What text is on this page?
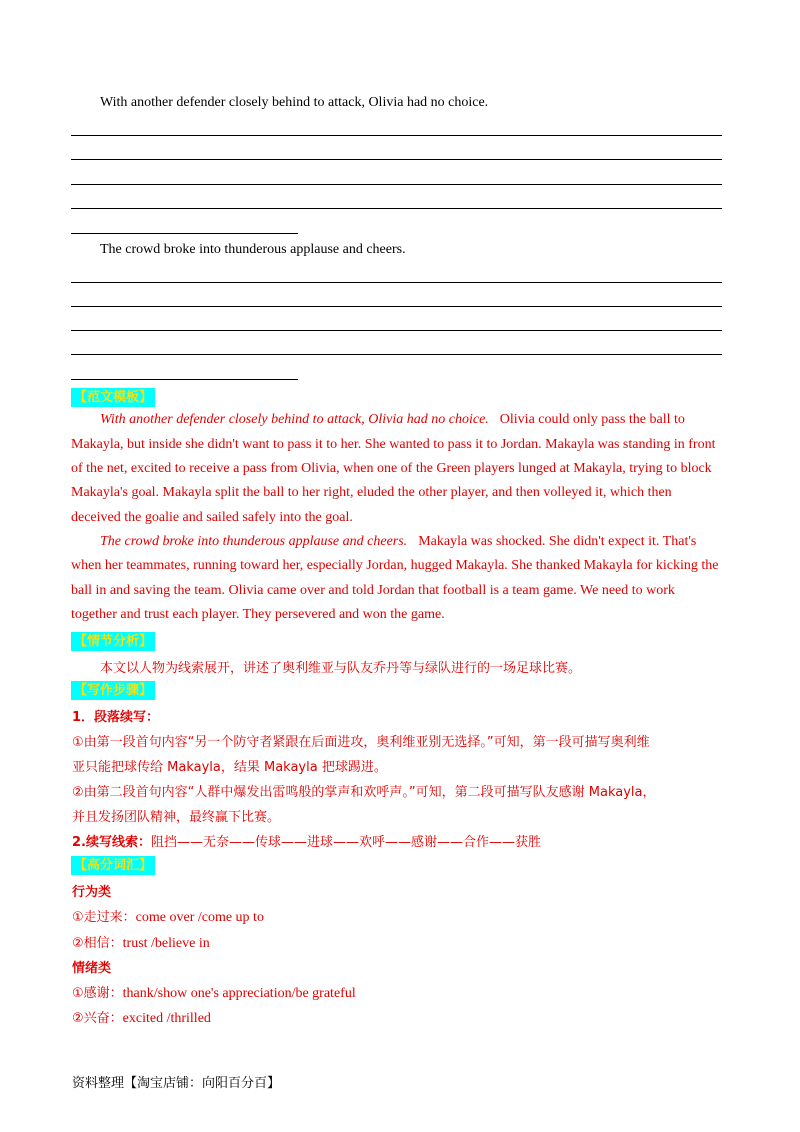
With another defender closely behind to attack, Olivia had no choice.
The crowd broke into thunderous applause and cheers.
【范文模板】
With another defender closely behind to attack, Olivia had no choice. Olivia could only pass the ball to
Makayla, but inside she didn't want to pass it to her. She wanted to pass it to Jordan. Makayla was standing in front
of the net, excited to receive a pass from Olivia, when one of the Green players lunged at Makayla, trying to block
Makayla's goal. Makayla split the ball to her right, eluded the other player, and then volleyed it, which then
deceived the goalie and sailed safely into the goal.
The crowd broke into thunderous applause and cheers. Makayla was shocked. She didn't expect it. That's
when her teammates, running toward her, especially Jordan, hugged Makayla. She thanked Makayla for kicking the
ball in and saving the team. Olivia came over and told Jordan that football is a team game. We need to work
together and trust each player. They persevered and won the game.
【情节分析】
本文以人物为线索展开，讲述了奥利维亚与队友乔丹等与绿队进行的一场足球比赛。
【写作步骤】
1．段落续写：
①由第一段首句内容“另一个防守者紧跟在后面进攻，奥利维亚别无选择。”可知，第一段可描写奥利维
亚只能把球传给 Makayla，结果 Makayla 把球踢进。
②由第二段首句内容“人群中爆发出雷鸣般的掌声和欢呼声。”可知，第二段可描写队友感谢 Makayla，
并且发扬团队精神，最终赢下比赛。
2.续写线索：阻挡——无奈——传球——进球——欢呼——感谢——合作——获胜
【高分词汇】
行为类
①走过来：come over /come up to
②相信：trust /believe in
情绪类
①感谢：thank/show one's appreciation/be grateful
②兴奋：excited /thrilled
资料整理【淘宝店铺：向阳百分百】
